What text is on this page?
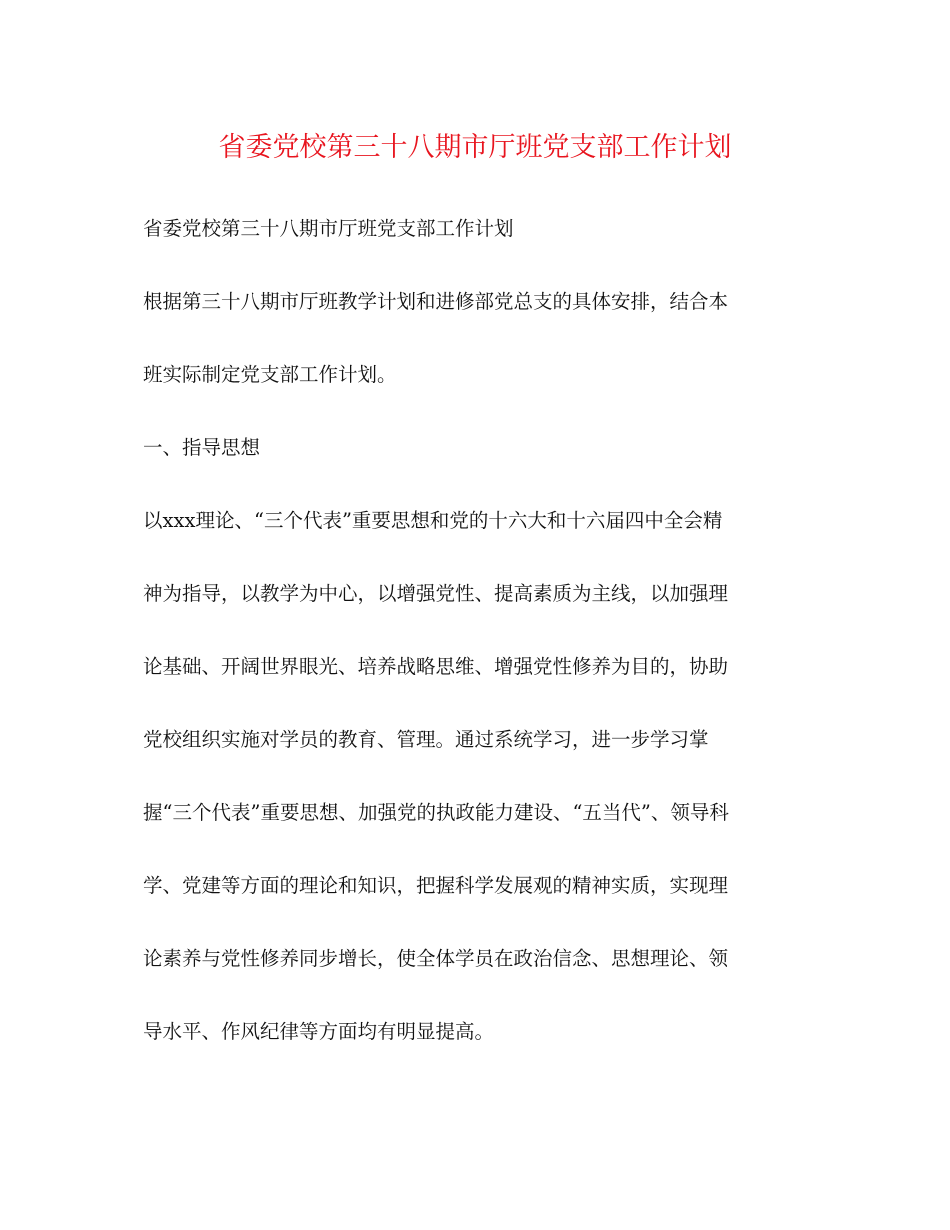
省委党校第三十八期市厅班党支部工作计划
省委党校第三十八期市厅班党支部工作计划
根据第三十八期市厅班教学计划和进修部党总支的具体安排，结合本
班实际制定党支部工作计划。
一、指导思想
以xxx理论、“三个代表”重要思想和党的十六大和十六届四中全会精
神为指导，以教学为中心，以增强党性、提高素质为主线，以加强理
论基础、开阔世界眼光、培养战略思维、增强党性修养为目的，协助
党校组织实施对学员的教育、管理。通过系统学习，进一步学习掌
握“三个代表”重要思想、加强党的执政能力建设、“五当代”、领导科
学、党建等方面的理论和知识，把握科学发展观的精神实质，实现理
论素养与党性修养同步增长，使全体学员在政治信念、思想理论、领
导水平、作风纪律等方面均有明显提高。
